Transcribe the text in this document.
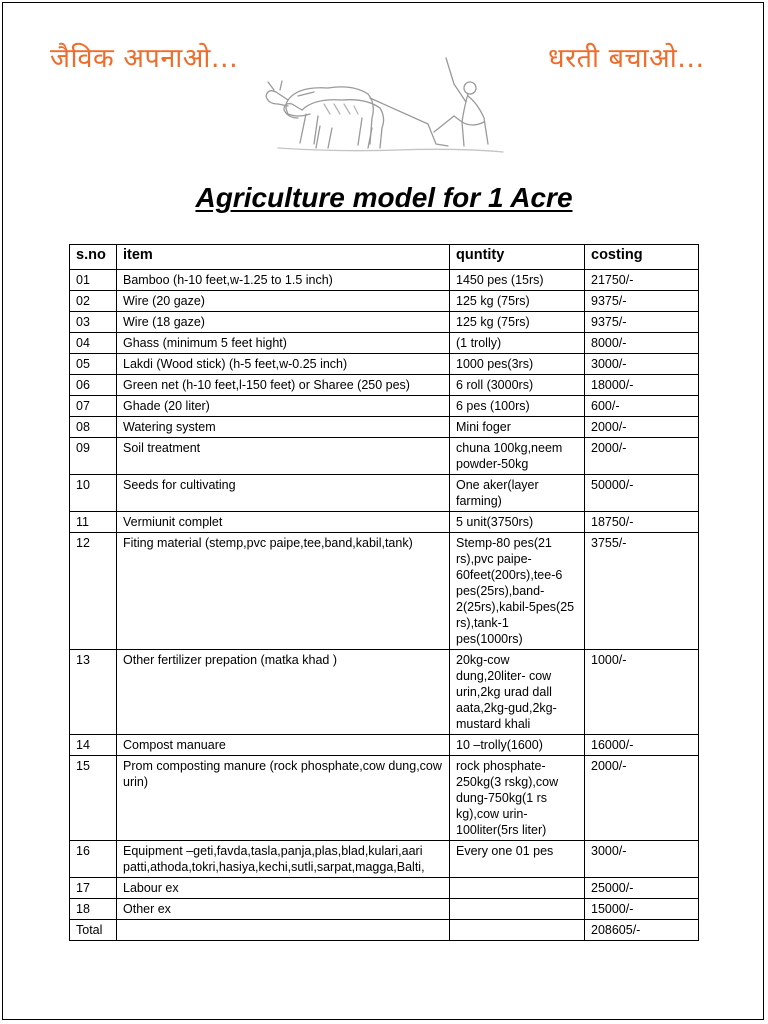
जैविक अपनाओ...	धरती बचाओ...
Agriculture model for 1 Acre
s.no	item	quntity	costing
01	Bamboo (h-10 feet,w-1.25 to 1.5 inch)	1450 pes (15rs)	21750/-
02	Wire (20 gaze)	125 kg (75rs)	9375/-
03	Wire (18 gaze)	125 kg (75rs)	9375/-
04	Ghass (minimum 5 feet hight)	(1 trolly)	8000/-
05	Lakdi (Wood stick) (h-5 feet,w-0.25 inch)	1000 pes(3rs)	3000/-
06	Green net (h-10 feet,l-150 feet) or Sharee (250 pes)	6 roll (3000rs)	18000/-
07	Ghade (20 liter)	6 pes (100rs)	600/-
08	Watering system	Mini foger	2000/-
09	Soil treatment	chuna 100kg,neem powder-50kg	2000/-
10	Seeds for cultivating	One aker(layer farming)	50000/-
11	Vermiunit complet	5 unit(3750rs)	18750/-
12	Fiting material (stemp,pvc paipe,tee,band,kabil,tank)	Stemp-80 pes(21 rs),pvc paipe-60feet(200rs),tee-6 pes(25rs),band-2(25rs),kabil-5pes(25 rs),tank-1 pes(1000rs)	3755/-
13	Other fertilizer prepation (matka khad )	20kg-cow dung,20liter- cow urin,2kg urad dall aata,2kg-gud,2kg-mustard khali	1000/-
14	Compost manuare	10 –trolly(1600)	16000/-
15	Prom composting manure (rock phosphate,cow dung,cow urin)	rock phosphate-250kg(3 rskg),cow dung-750kg(1 rs kg),cow urin-100liter(5rs liter)	2000/-
16	Equipment –geti,favda,tasla,panja,plas,blad,kulari,aari patti,athoda,tokri,hasiya,kechi,sutli,sarpat,magga,Balti,	Every one 01 pes	3000/-
17	Labour ex		25000/-
18	Other ex		15000/-
Total			208605/-
